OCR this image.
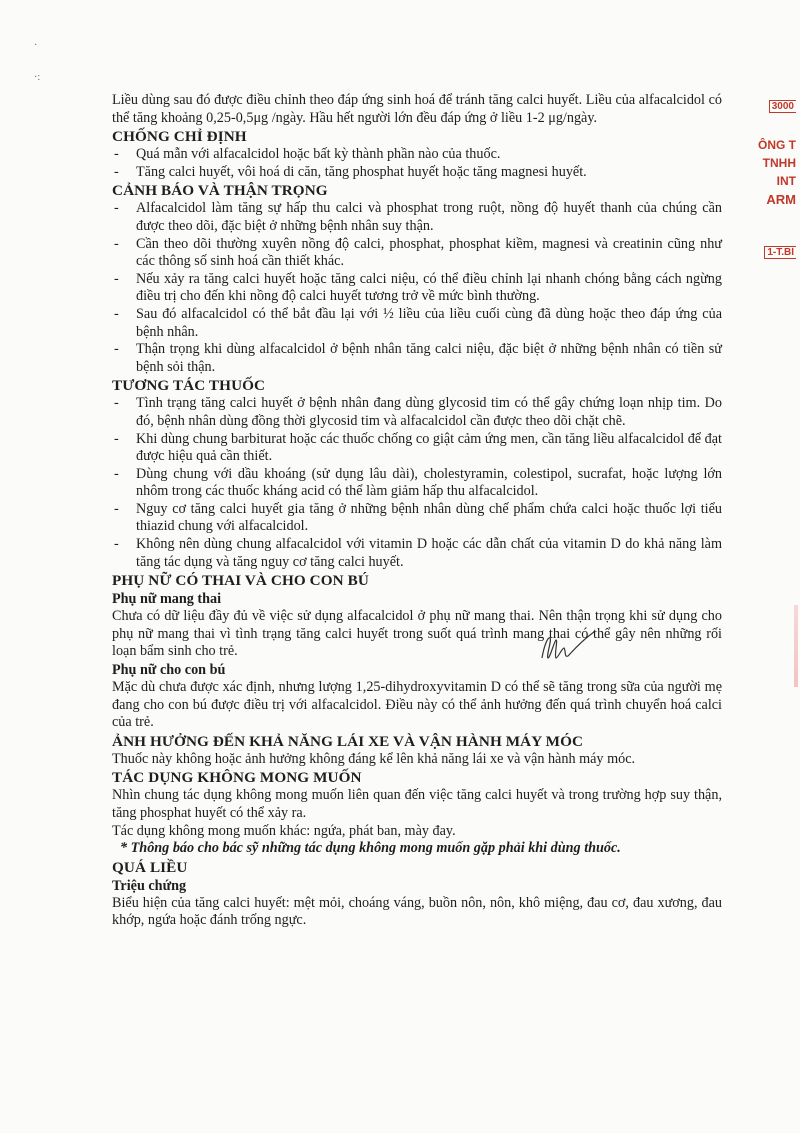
·
·:
3000
ÔNG T
TNHH
INT
ARM
1-T.BÌ

Liều dùng sau đó được điều chỉnh theo đáp ứng sinh hoá để tránh tăng calci huyết. Liều của alfacalcidol có thể tăng khoảng 0,25-0,5μg /ngày. Hầu hết người lớn đều đáp ứng ở liều 1-2 μg/ngày.

CHỐNG CHỈ ĐỊNH
- Quá mẫn với alfacalcidol hoặc bất kỳ thành phần nào của thuốc.
- Tăng calci huyết, vôi hoá di căn, tăng phosphat huyết hoặc tăng magnesi huyết.
CẢNH BÁO VÀ THẬN TRỌNG
- Alfacalcidol làm tăng sự hấp thu calci và phosphat trong ruột, nồng độ huyết thanh của chúng cần được theo dõi, đặc biệt ở những bệnh nhân suy thận.
- Cần theo dõi thường xuyên nồng độ calci, phosphat, phosphat kiềm, magnesi và creatinin cũng như các thông số sinh hoá cần thiết khác.
- Nếu xảy ra tăng calci huyết hoặc tăng calci niệu, có thể điều chỉnh lại nhanh chóng bằng cách ngừng điều trị cho đến khi nồng độ calci huyết tương trở về mức bình thường.
- Sau đó alfacalcidol có thể bắt đầu lại với ½ liều của liều cuối cùng đã dùng hoặc theo đáp ứng của bệnh nhân.
- Thận trọng khi dùng alfacalcidol ở bệnh nhân tăng calci niệu, đặc biệt ở những bệnh nhân có tiền sử bệnh sỏi thận.
TƯƠNG TÁC THUỐC
- Tình trạng tăng calci huyết ở bệnh nhân đang dùng glycosid tim có thể gây chứng loạn nhịp tim. Do đó, bệnh nhân dùng đồng thời glycosid tim và alfacalcidol cần được theo dõi chặt chẽ.
- Khi dùng chung barbiturat hoặc các thuốc chống co giật cảm ứng men, cần tăng liều alfacalcidol để đạt được hiệu quả cần thiết.
- Dùng chung với dầu khoáng (sử dụng lâu dài), cholestyramin, colestipol, sucrafat, hoặc lượng lớn nhôm trong các thuốc kháng acid có thể làm giảm hấp thu alfacalcidol.
- Nguy cơ tăng calci huyết gia tăng ở những bệnh nhân dùng chế phẩm chứa calci hoặc thuốc lợi tiểu thiazid chung với alfacalcidol.
- Không nên dùng chung alfacalcidol với vitamin D hoặc các dẫn chất của vitamin D do khả năng làm tăng tác dụng và tăng nguy cơ tăng calci huyết.
PHỤ NỮ CÓ THAI VÀ CHO CON BÚ
Phụ nữ mang thai

Chưa có dữ liệu đầy đủ về việc sử dụng alfacalcidol ở phụ nữ mang thai. Nên thận trọng khi sử dụng cho phụ nữ mang thai vì tình trạng tăng calci huyết trong suốt quá trình mang thai có thể gây nên những rối loạn bẩm sinh cho trẻ.

Phụ nữ cho con bú

Mặc dù chưa được xác định, nhưng lượng 1,25-dihydroxyvitamin D có thể sẽ tăng trong sữa của người mẹ đang cho con bú được điều trị với alfacalcidol. Điều này có thể ảnh hưởng đến quá trình chuyển hoá calci của trẻ.

ẢNH HƯỞNG ĐẾN KHẢ NĂNG LÁI XE VÀ VẬN HÀNH MÁY MÓC

Thuốc này không hoặc ảnh hưởng không đáng kể lên khả năng lái xe và vận hành máy móc.

TÁC DỤNG KHÔNG MONG MUỐN

Nhìn chung tác dụng không mong muốn liên quan đến việc tăng calci huyết và trong trường hợp suy thận, tăng phosphat huyết có thể xảy ra.

Tác dụng không mong muốn khác: ngứa, phát ban, mày đay.

* Thông báo cho bác sỹ những tác dụng không mong muốn gặp phải khi dùng thuốc.

QUÁ LIỀU
Triệu chứng

Biểu hiện của tăng calci huyết: mệt mỏi, choáng váng, buồn nôn, nôn, khô miệng, đau cơ, đau xương, đau khớp, ngứa hoặc đánh trống ngực.
